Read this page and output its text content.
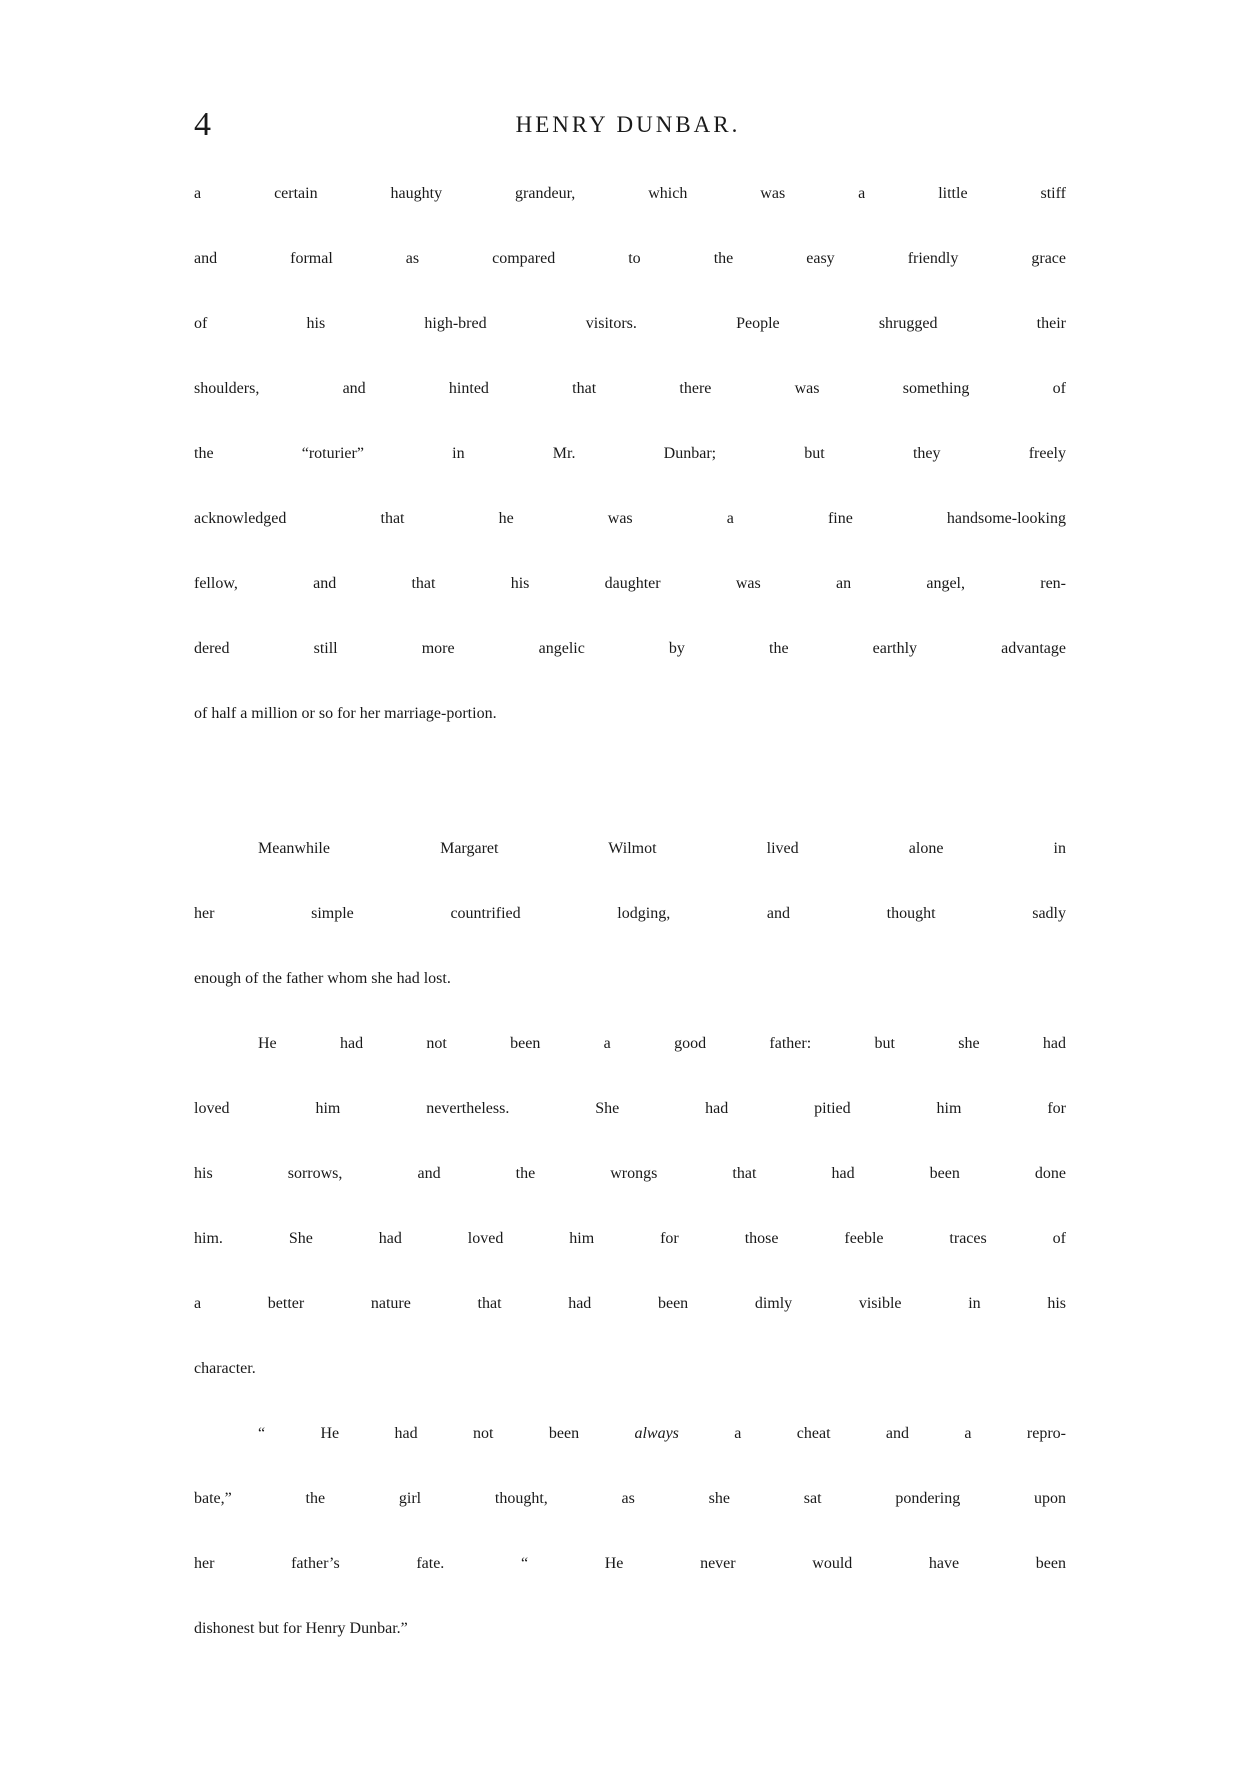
4	HENRY DUNBAR.
a certain haughty grandeur, which was a little stiff
and formal as compared to the easy friendly grace
of his high-bred visitors. People shrugged their
shoulders, and hinted that there was something of
the “roturier” in Mr. Dunbar; but they freely
acknowledged that he was a fine handsome-looking
fellow, and that his daughter was an angel, ren-
dered still more angelic by the earthly advantage
of half a million or so for her marriage-portion.
Meanwhile Margaret Wilmot lived alone in
her simple countrified lodging, and thought sadly
enough of the father whom she had lost.
He had not been a good father: but she had
loved him nevertheless. She had pitied him for
his sorrows, and the wrongs that had been done
him. She had loved him for those feeble traces of
a better nature that had been dimly visible in his
character.
“ He had not been always a cheat and a repro-
bate,” the girl thought, as she sat pondering upon
her father’s fate. “ He never would have been
dishonest but for Henry Dunbar.”
